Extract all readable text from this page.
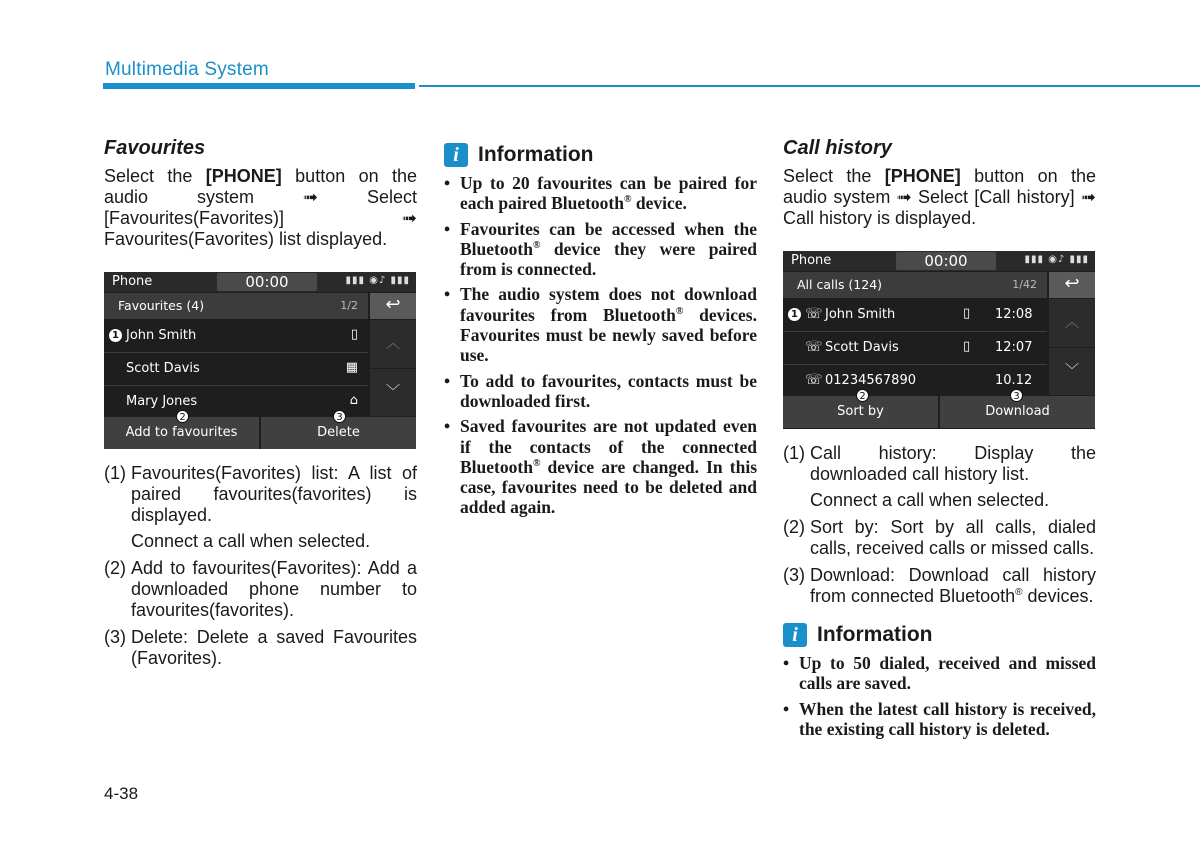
Multimedia System
Favourites

Select the [PHONE] button on the audio system ➟ Select [Favourites(Favorites)] ➟ Favourites(Favorites) list displayed.

Phone	00:00	▮▮▮ ◉♪ ▮▮▮
Favourites (4)	1/2	↩
1 John Smith	▯
Scott Davis	▦
Mary Jones	⌂
︿
﹀
Add to favourites	Delete
2	3
(1) Favourites(Favorites) list: A list of paired favourites(favorites) is displayed.
Connect a call when selected.
(2) Add to favourites(Favorites): Add a downloaded phone number to favourites(favorites).
(3) Delete: Delete a saved Favourites (Favorites).
i Information
• Up to 20 favourites can be paired for each paired Bluetooth® device.
• Favourites can be accessed when the Bluetooth® device they were paired from is connected.
• The audio system does not download favourites from Bluetooth® devices. Favourites must be newly saved before use.
• To add to favourites, contacts must be downloaded first.
• Saved favourites are not updated even if the contacts of the connected Bluetooth® device are changed. In this case, favourites need to be deleted and added again.
Call history

Select the [PHONE] button on the audio system ➟ Select [Call history] ➟ Call history is displayed.

Phone	00:00	▮▮▮ ◉♪ ▮▮▮
All calls (124)	1/42	↩
1 ☏ John Smith	▯ 12:08
☏ Scott Davis	▯ 12:07
☏ 01234567890	10.12
︿
﹀
Sort by	Download
2	3
(1) Call history: Display the downloaded call history list.
Connect a call when selected.
(2) Sort by: Sort by all calls, dialed calls, received calls or missed calls.
(3) Download: Download call history from connected Bluetooth® devices.
i Information
• Up to 50 dialed, received and missed calls are saved.
• When the latest call history is received, the existing call history is deleted.
4-38
